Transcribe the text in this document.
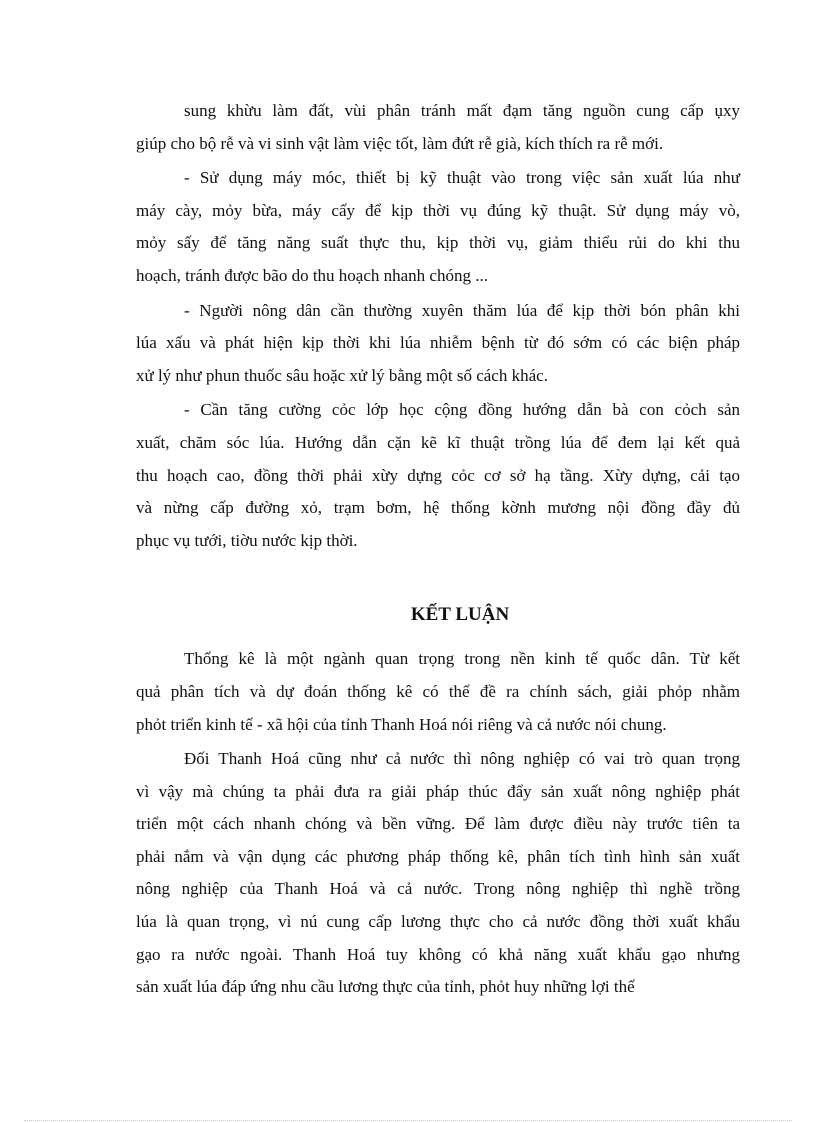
sung khừu làm đất, vùi phân tránh mất đạm tăng nguồn cung cấp ụxy
giúp cho bộ rễ và vi sinh vật làm việc tốt, làm đứt rễ già, kích thích ra rễ mới.
- Sử dụng máy móc, thiết bị kỹ thuật vào trong việc sản xuất lúa như
máy cày, mỏy bừa, máy cấy để kịp thời vụ đúng kỹ thuật. Sử dụng máy vò,
mỏy sấy để tăng năng suất thực thu, kịp thời vụ, giảm thiểu rủi do khi thu
hoạch, tránh được bão do thu hoạch nhanh chóng ...
- Người nông dân cần thường xuyên thăm lúa để kịp thời bón phân khi
lúa xấu và phát hiện kịp thời khi lúa nhiễm bệnh từ đó sớm có các biện pháp
xử lý như phun thuốc sâu hoặc xử lý bằng một số cách khác.
- Cần tăng cường cỏc lớp học cộng đồng hướng dẫn bà con cỏch sản
xuất, chăm sóc lúa. Hướng dẫn cặn kẽ kĩ thuật trồng lúa để đem lại kết quả
thu hoạch cao, đồng thời phải xừy dựng cỏc cơ sở hạ tầng. Xừy dựng, cải tạo
và nừng cấp đường xỏ, trạm bơm, hệ thống kờnh mương nội đồng đầy đủ
phục vụ tưới, tiờu nước kịp thời.
KẾT LUẬN
Thống kê là một ngành quan trọng trong nền kinh tế quốc dân. Từ kết
quả phân tích và dự đoán thống kê có thể đề ra chính sách, giải phỏp nhằm
phỏt triển kinh tế - xã hội của tỉnh Thanh Hoá nói riêng và cả nước nói chung.
Đối Thanh Hoá cũng như cả nước thì nông nghiệp có vai trò quan trọng
vì vậy mà chúng ta phải đưa ra giải pháp thúc đẩy sản xuất nông nghiệp phát
triển một cách nhanh chóng và bền vững. Để làm được điều này trước tiên ta
phải nắm và vận dụng các phương pháp thống kê, phân tích tình hình sản xuất
nông nghiệp của Thanh Hoá và cả nước. Trong nông nghiệp thì nghề trồng
lúa là quan trọng, vì nú cung cấp lương thực cho cả nước đồng thời xuất khẩu
gạo ra nước ngoài. Thanh Hoá tuy không có khả năng xuất khẩu gạo nhưng
sản xuất lúa đáp ứng nhu cầu lương thực của tỉnh, phỏt huy những lợi thế
